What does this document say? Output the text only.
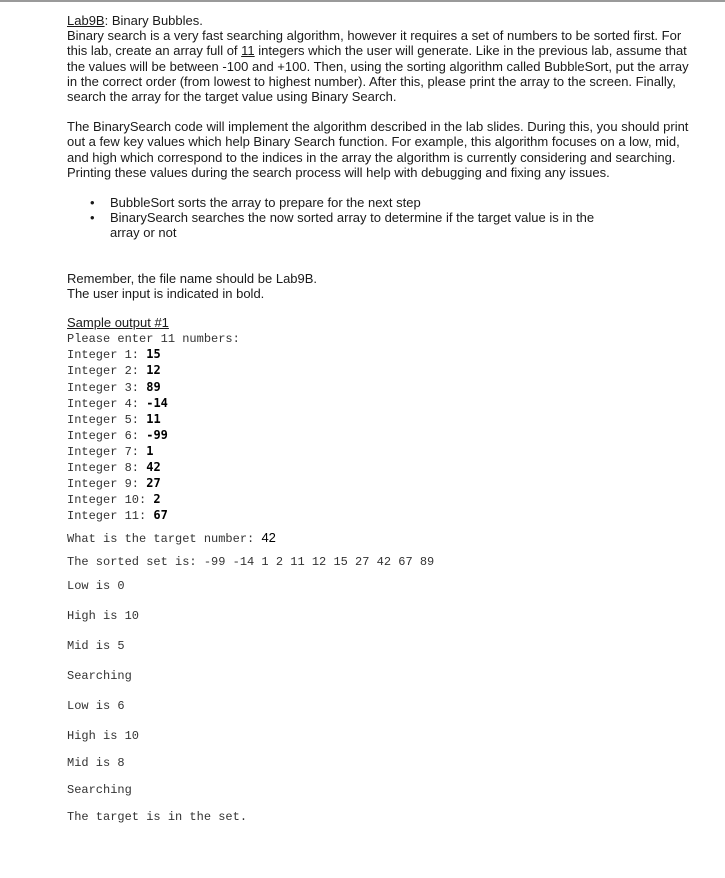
Lab9B: Binary Bubbles.

Binary search is a very fast searching algorithm, however it requires a set of numbers to be sorted first. For this lab, create an array full of 11 integers which the user will generate. Like in the previous lab, assume that the values will be between -100 and +100. Then, using the sorting algorithm called BubbleSort, put the array in the correct order (from lowest to highest number). After this, please print the array to the screen. Finally, search the array for the target value using Binary Search.

The BinarySearch code will implement the algorithm described in the lab slides. During this, you should print out a few key values which help Binary Search function. For example, this algorithm focuses on a low, mid, and high which correspond to the indices in the array the algorithm is currently considering and searching.

Printing these values during the search process will help with debugging and fixing any issues.

• BubbleSort sorts the array to prepare for the next step
• BinarySearch searches the now sorted array to determine if the target value is in the array or not

Remember, the file name should be Lab9B.

The user input is indicated in bold.

Sample output #1

Please enter 11 numbers:
Integer 1: 15
Integer 2: 12
Integer 3: 89
Integer 4: -14
Integer 5: 11
Integer 6: -99
Integer 7: 1
Integer 8: 42
Integer 9: 27
Integer 10: 2
Integer 11: 67
What is the target number: 42
The sorted set is: -99 -14 1 2 11 12 15 27 42 67 89
Low is 0
High is 10
Mid is 5
Searching
Low is 6
High is 10
Mid is 8
Searching
The target is in the set.
